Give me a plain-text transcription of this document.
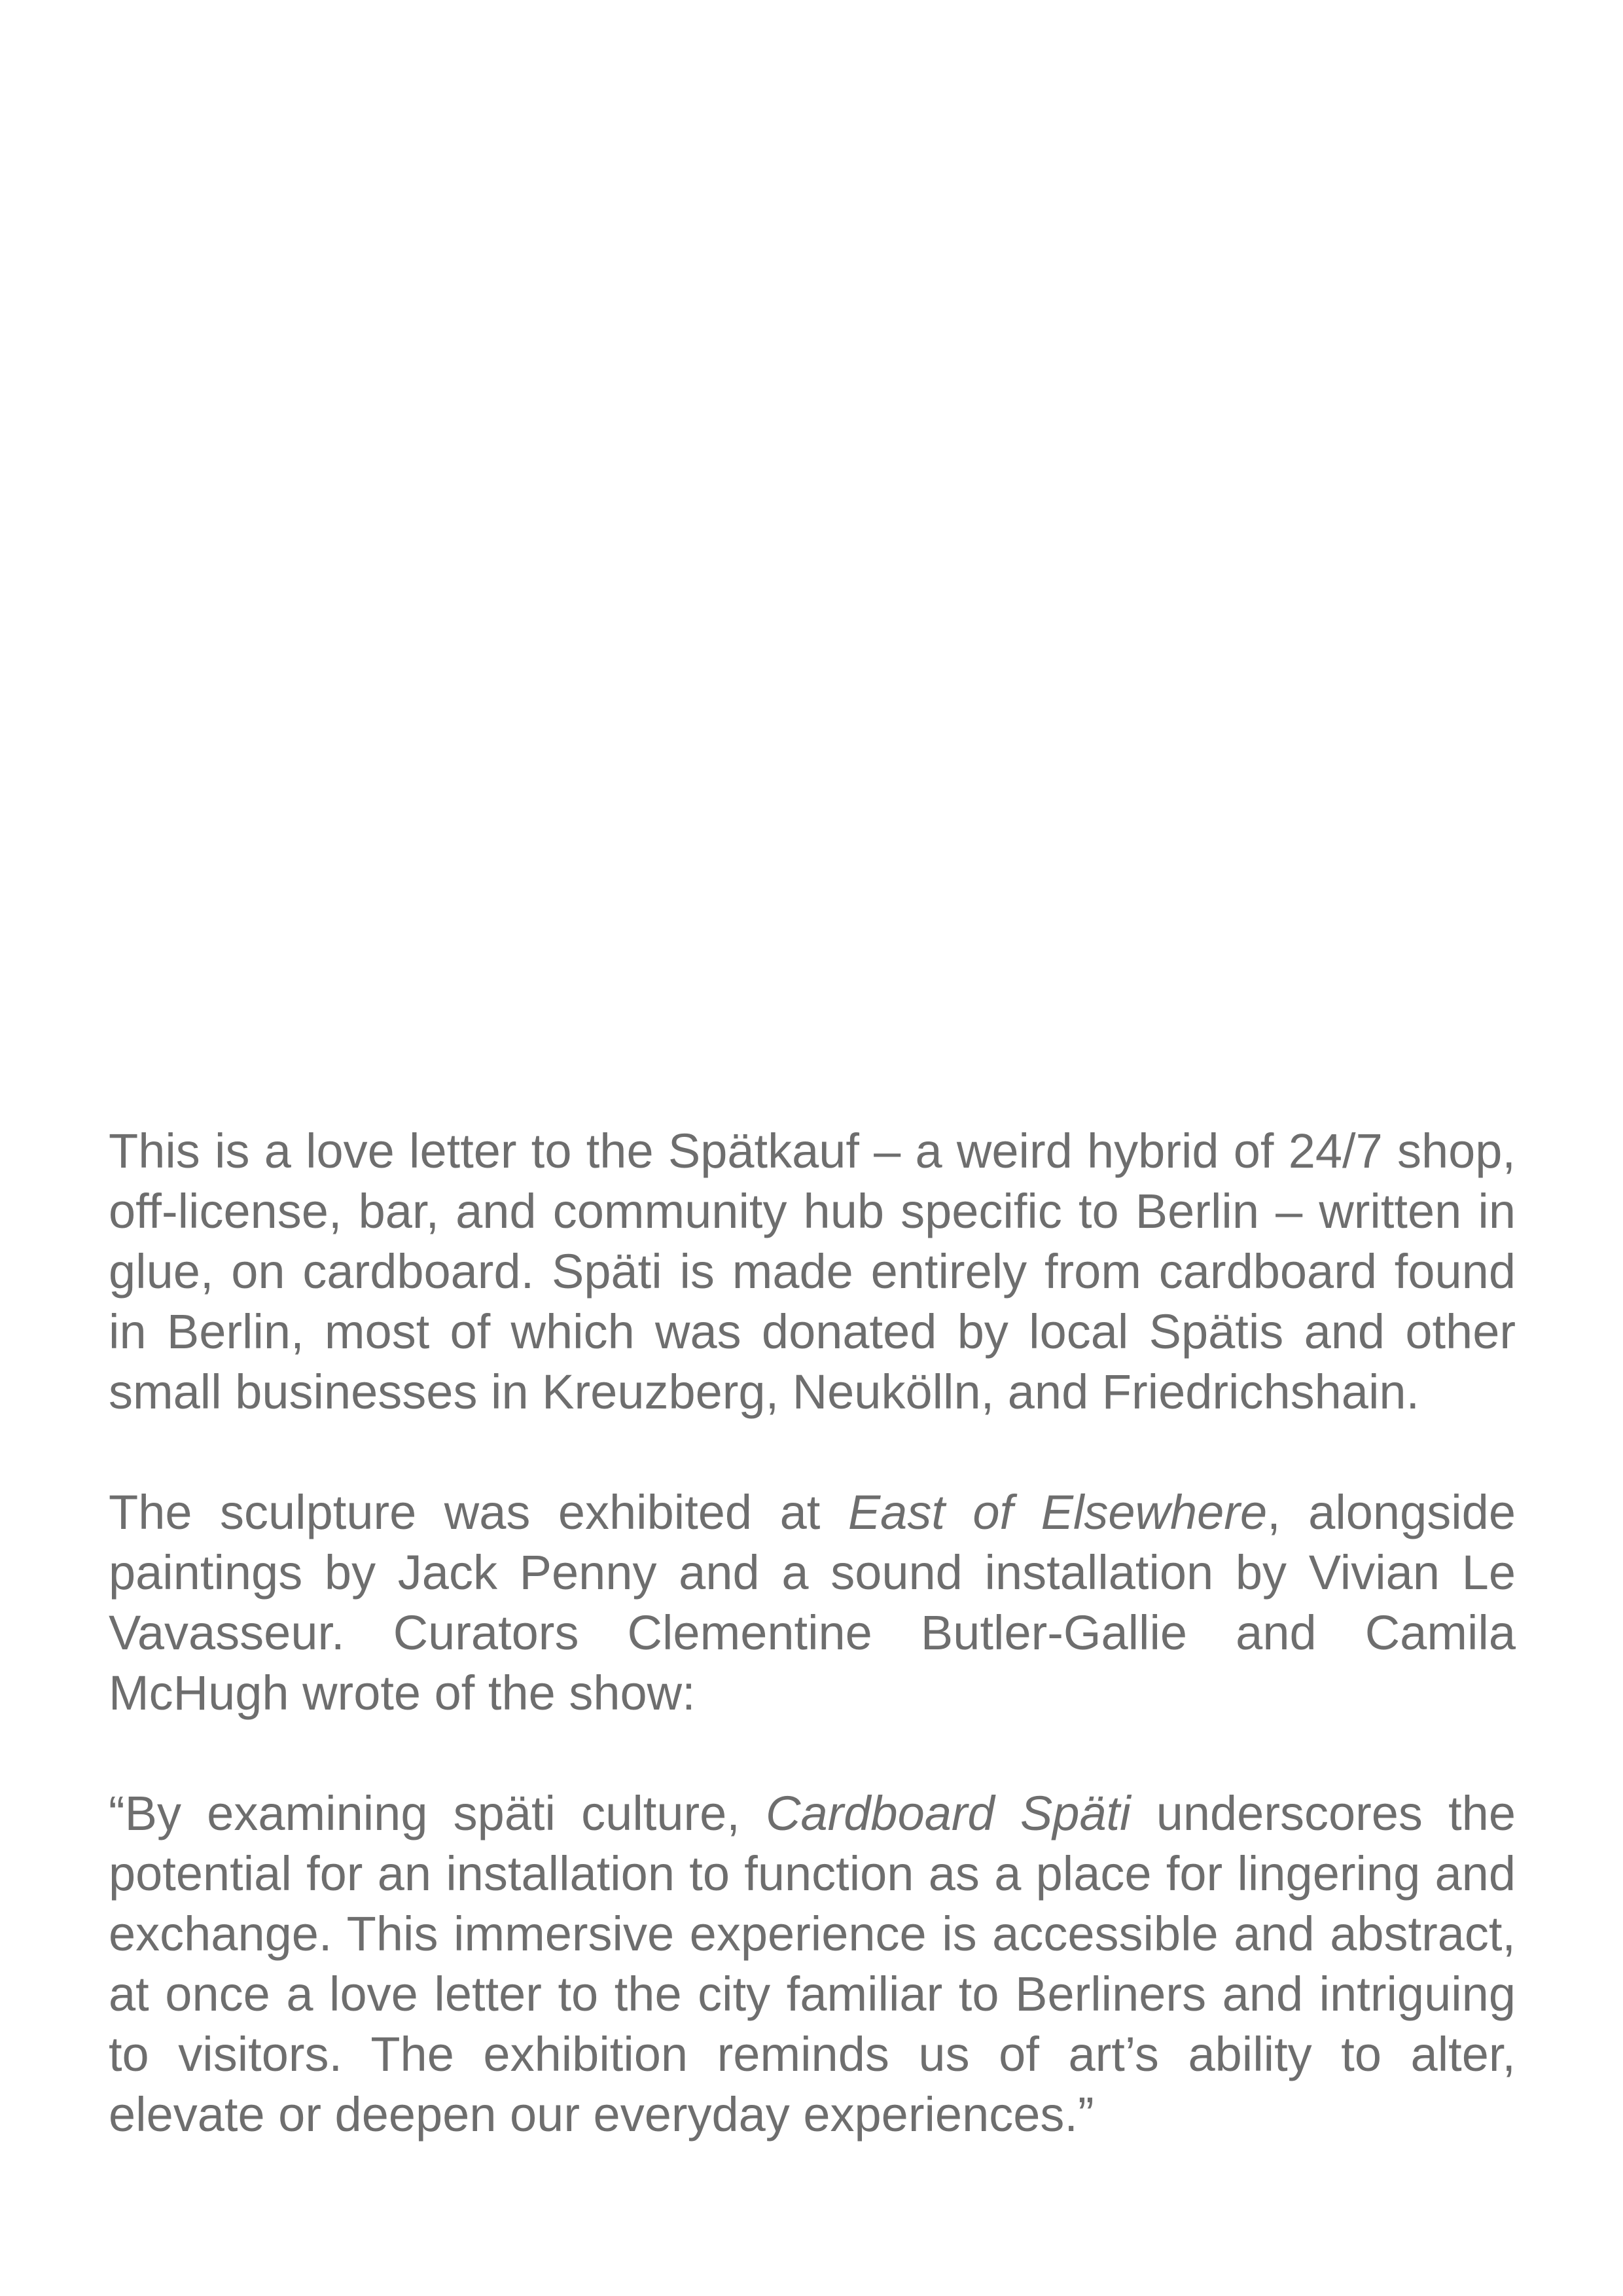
This is a love letter to the Spätkauf – a weird hybrid of 24/7 shop, off-license, bar, and community hub specific to Berlin – written in glue, on cardboard. Späti is made entirely from cardboard found in Berlin, most of which was donated by local Spätis and other small businesses in Kreuzberg, Neukölln, and Friedrichshain.

The sculpture was exhibited at East of Elsewhere, alongside paintings by Jack Penny and a sound installation by Vivian Le Vavasseur. Curators Clementine Butler-Gallie and Camila McHugh wrote of the show:

“By examining späti culture, Cardboard Späti underscores the potential for an installation to function as a place for lingering and exchange. This immersive experience is accessible and abstract, at once a love letter to the city familiar to Berliners and intriguing to visitors. The exhibition reminds us of art’s ability to alter, elevate or deepen our everyday experiences.”
